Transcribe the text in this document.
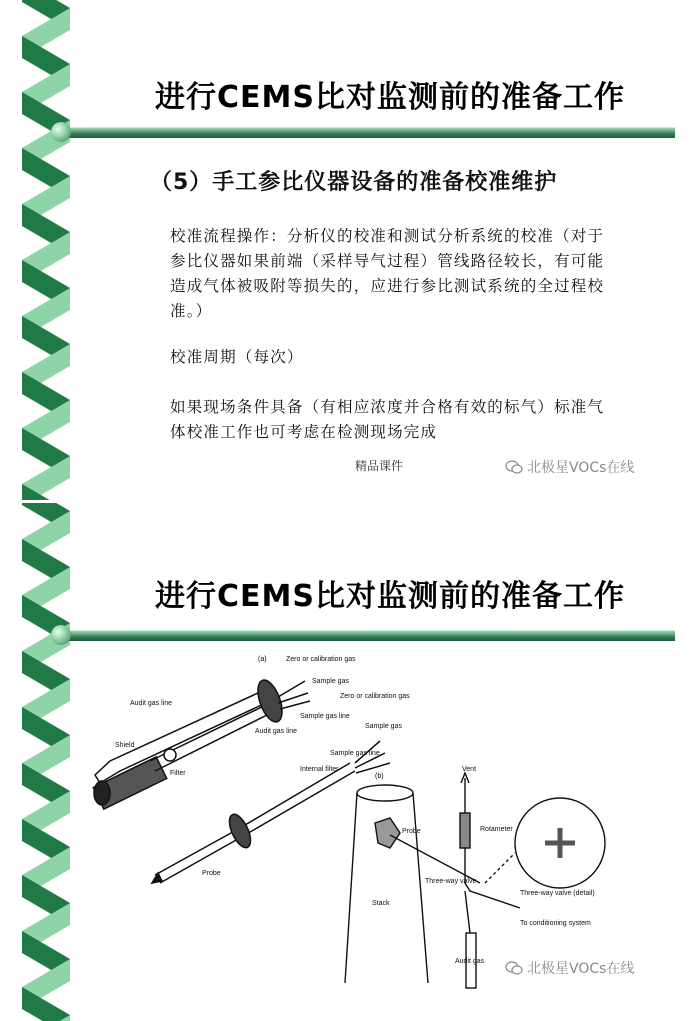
进行CEMS比对监测前的准备工作
（5）手工参比仪器设备的准备校准维护
校准流程操作：分析仪的校准和测试分析系统的校准（对于参比仪器如果前端（采样导气过程）管线路径较长，有可能造成气体被吸附等损失的，应进行参比测试系统的全过程校准。）
校准周期（每次）
如果现场条件具备（有相应浓度并合格有效的标气）标准气体校准工作也可考虑在检测现场完成
精品课件	北极星VOCs在线
进行CEMS比对监测前的准备工作
(a)	Zero or calibration gas
Sample gas
Audit gas line
Zero or calibration gas
Sample gas line
Sample gas
Audit gas line
Shield
Sample gas line
Internal filter
Filter
Probe
(b)
Vent
Probe	Rotameter
Three-way valve (detail)
Three-way valve
To conditioning system
Stack
Audit gas	北极星VOCs在线
